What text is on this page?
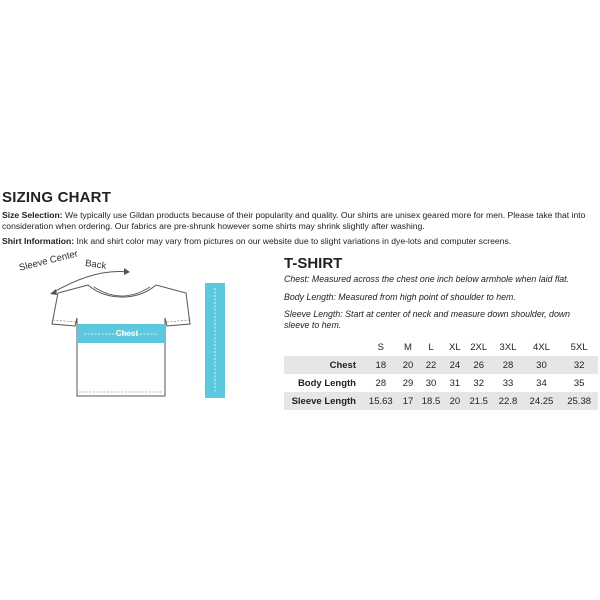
SIZING CHART
Size Selection: We typically use Gildan products because of their popularity and quality. Our shirts are unisex geared more for men. Please take that into consideration when ordering. Our fabrics are pre-shrunk however some shirts may shrink slightly after washing.
Shirt Information: Ink and shirt color may vary from pictures on our website due to slight variations in dye-lots and computer screens.
Sleeve Center Back
Chest	Body Length
T-SHIRT
Chest: Measured across the chest one inch below armhole when laid flat.
Body Length: Measured from high point of shoulder to hem.
Sleeve Length: Start at center of neck and measure down shoulder, down sleeve to hem.
	S	M	L	XL	2XL	3XL	4XL	5XL
Chest	18	20	22	24	26	28	30	32
Body Length	28	29	30	31	32	33	34	35
Sleeve Length	15.63	17	18.5	20	21.5	22.8	24.25	25.38
